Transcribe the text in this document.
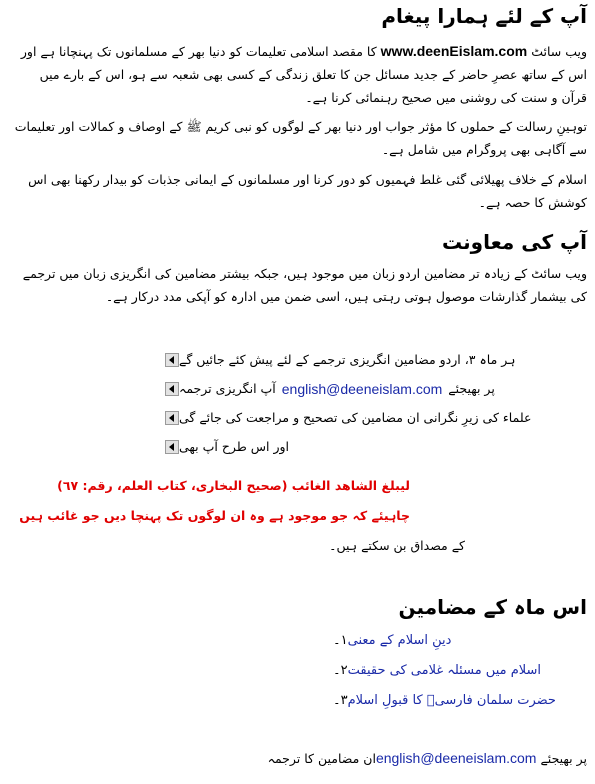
آپ کے لئے ہمارا پیغام

ویب سائٹ www.deenEislam.com کا مقصد اسلامی تعلیمات کو دنیا بھر کے مسلمانوں تک پہنچانا ہے اور اس کے ساتھ عصرِ حاضر کے جدید مسائل جن کا تعلق زندگی کے کسی بھی شعبہ سے ہو، اس کے بارے میں قرآن و سنت کی روشنی میں صحیح رہنمائی کرنا ہے۔

توہینِ رسالت کے حملوں کا مؤثر جواب اور دنیا بھر کے لوگوں کو نبی کریم ﷺ کے اوصاف و کمالات اور تعلیمات سے آگاہی بھی پروگرام میں شامل ہے۔

اسلام کے خلاف پھیلائی گئی غلط فہمیوں کو دور کرنا اور مسلمانوں کے ایمانی جذبات کو بیدار رکھنا بھی اس کوشش کا حصہ ہے۔

آپ کی معاونت

ویب سائٹ کے زیادہ تر مضامین اردو زبان میں موجود ہیں، جبکہ بیشتر مضامین کی انگریزی زبان میں ترجمے کی بیشمار گذارشات موصول ہوتی رہتی ہیں، اسی ضمن میں ادارہ کو آپکی مدد درکار ہے۔

ہر ماہ ۳، اردو مضامین انگریزی ترجمے کے لئے پیش کئے جائیں گے
آپ انگریزی ترجمہ english@deeneislam.com پر بھیجئے
علماء کی زیرِ نگرانی ان مضامین کی تصحیح و مراجعت کی جائے گی
اور اس طرح آپ بھی
لیبلغ الشاھد الغائب (صحیح البخاری، کتاب العلم، رقم: ٦٧)
چاہیئے کہ جو موجود ہے وہ ان لوگوں تک پہنچا دیں جو غائب ہیں
کے مصداق بن سکتے ہیں۔
اس ماہ کے مضامین
۱۔ دینِ اسلام کے معنی
۲۔ اسلام میں مسئلہ غلامی کی حقیقت
۳۔ حضرت سلمان فارسیؓ کا قبولِ اسلام
ان مضامین کا ترجمہ english@deeneislam.com پر بھیجئے
